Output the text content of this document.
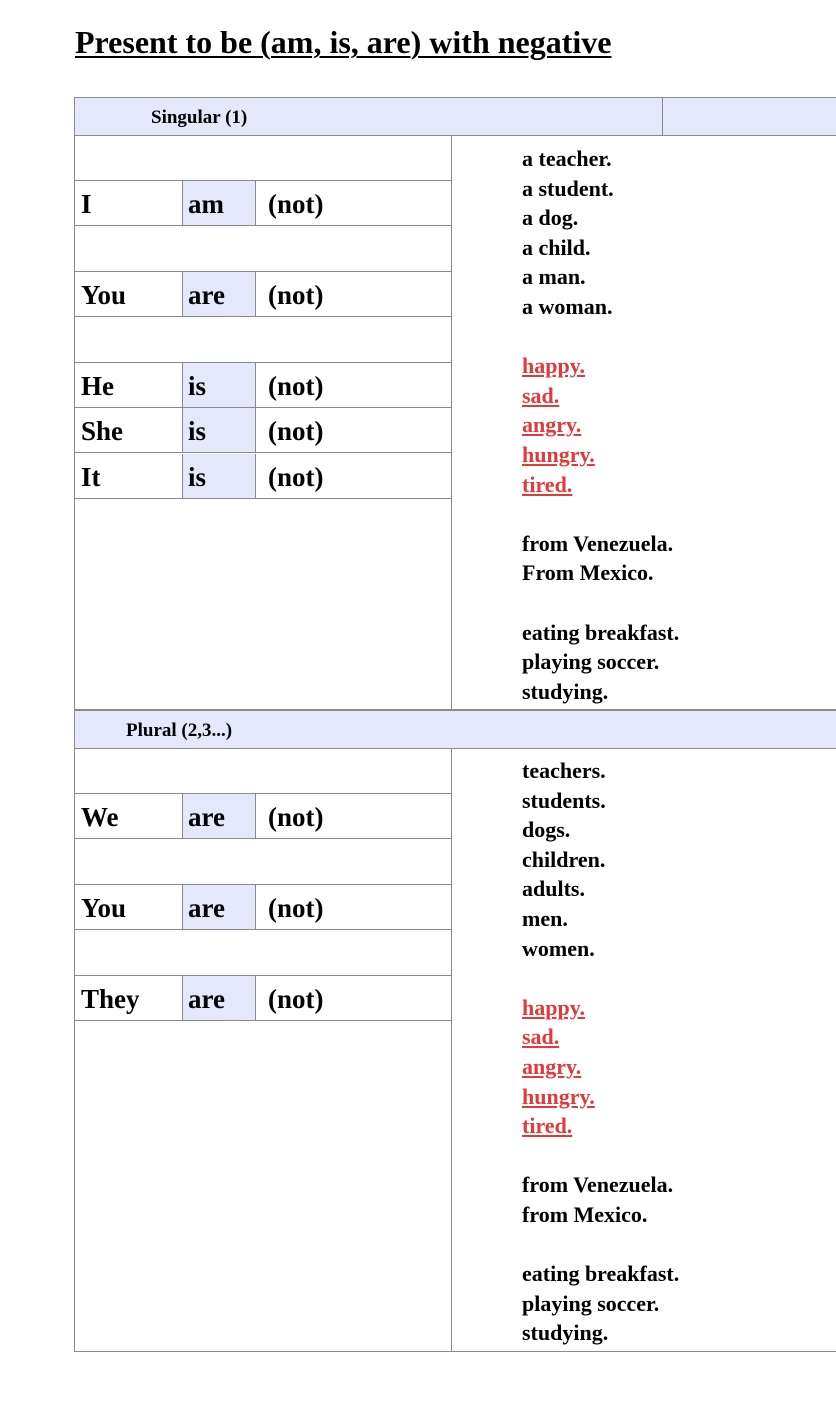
Present to be (am, is, are) with negative
Singular (1)
I	am	(not)
You are	(not)
He	is	(not)
She is	(not)
It	is	(not)
a teacher.
a student.
a dog.
a child.
a man.
a woman.
happy.
sad.
angry.
hungry.
tired.
from Venezuela.
From Mexico.
eating breakfast.
playing soccer.
studying.
Plural (2,3...)
We	are	(not)
You are	(not)
They are	(not)
teachers.
students.
dogs.
children.
adults.
men.
women.
happy.
sad.
angry.
hungry.
tired.
from Venezuela.
from Mexico.
eating breakfast.
playing soccer.
studying.
